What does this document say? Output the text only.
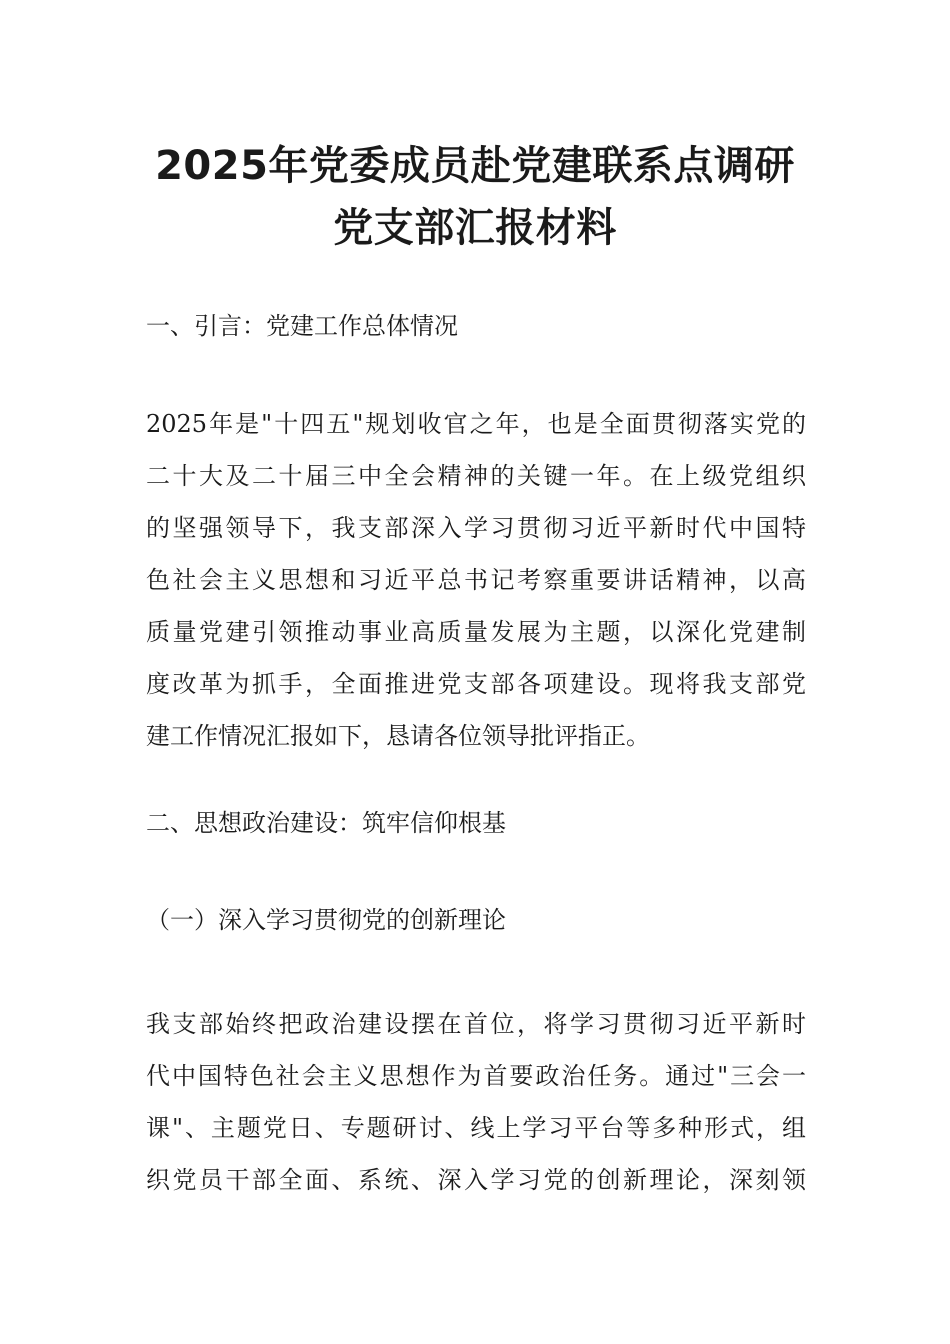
2025年党委成员赴党建联系点调研
党支部汇报材料

一、引言：党建工作总体情况

2025年是"十四五"规划收官之年，也是全面贯彻落实党的
二十大及二十届三中全会精神的关键一年。在上级党组织
的坚强领导下，我支部深入学习贯彻习近平新时代中国特
色社会主义思想和习近平总书记考察重要讲话精神，以高
质量党建引领推动事业高质量发展为主题，以深化党建制
度改革为抓手，全面推进党支部各项建设。现将我支部党
建工作情况汇报如下，恳请各位领导批评指正。

二、思想政治建设：筑牢信仰根基

（一）深入学习贯彻党的创新理论

我支部始终把政治建设摆在首位，将学习贯彻习近平新时
代中国特色社会主义思想作为首要政治任务。通过"三会一
课"、主题党日、专题研讨、线上学习平台等多种形式，组
织党员干部全面、系统、深入学习党的创新理论，深刻领
